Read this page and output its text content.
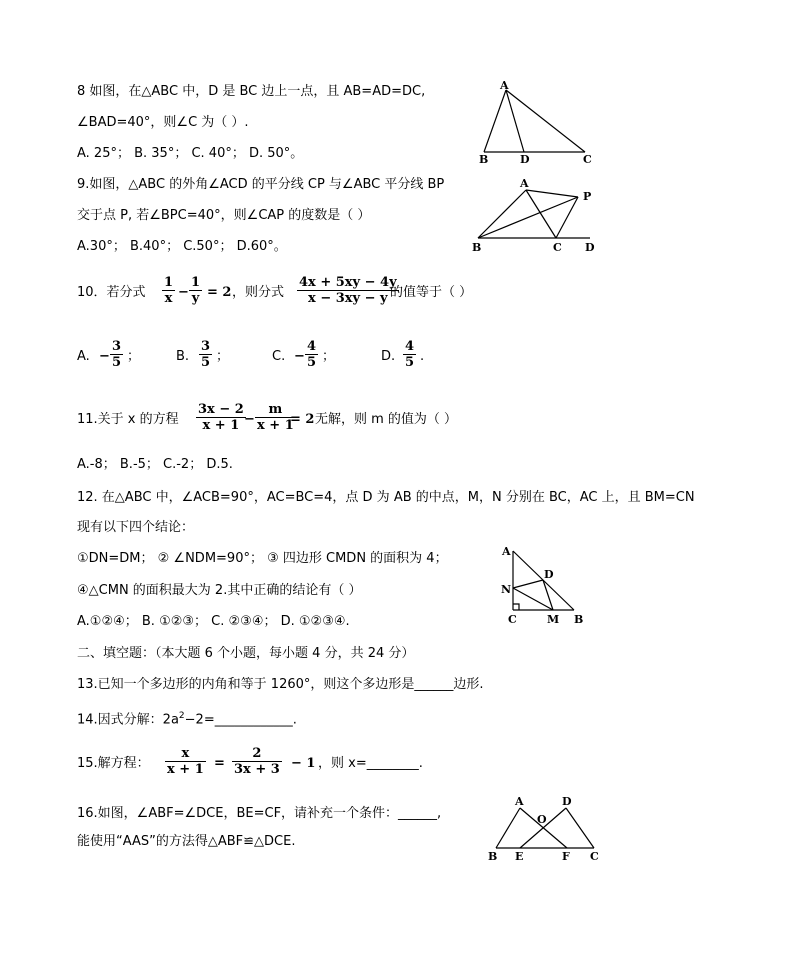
8 如图，在△ABC 中，D 是 BC 边上一点，且 AB=AD=DC,
∠BAD=40°，则∠C 为（ ）.
A. 25°； B. 35°； C. 40°； D. 50°。
A
B	D	C
9.如图，△ABC 的外角∠ACD 的平分线 CP 与∠ABC 平分线 BP
交于点 P, 若∠BPC=40°，则∠CAP 的度数是（ ）
A.30°； B.40°； C.50°； D.60°。
A
P
B	C D
10．若分式 $\frac{1}{x} - \frac{1}{y} = 2$ ，则分式 $\frac{4x + 5xy - 4y}{x - 3xy - y}$
的值等于（ ）
A. − $\frac{3}{5}$ ；	B. $\frac{3}{5}$ ；	C. − $\frac{4}{5}$ ；	D. $\frac{4}{5}$ .
11.关于 x 的方程 $\frac{3x - 2}{x + 1}$
− $\frac{m}{x + 1}$
= 2 无解，则 m 的值为（ ）
A.-8； B.-5； C.-2； D.5.
12. 在△ABC 中，∠ACB=90°，AC=BC=4，点 D 为 AB 的中点，M，N 分别在 BC，AC 上，且 BM=CN
现有以下四个结论：
①DN=DM； ② ∠NDM=90°； ③ 四边形 CMDN 的面积为 4；
④△CMN 的面积最大为 2.其中正确的结论有（ ）
A.①②④； B. ①②③； C. ②③④； D. ①②③④.
A
D
N
C	M B
二、填空题：（本大题 6 个小题，每小题 4 分，共 24 分）
13.已知一个多边形的内角和等于 1260°，则这个多边形是______边形.
14.因式分解：$2a^2-2=\_\_\_\_\_\_\_\_\_\_\_\_$.
15.解方程： $\frac{x}{x + 1} = \frac{2}{3x + 3} - 1$ ，则 x=________.
16.如图，∠ABF=∠DCE，BE=CF，请补充一个条件：______,
能使用“AAS”的方法得△ABF≌△DCE.
A	D
O
B E	F C
